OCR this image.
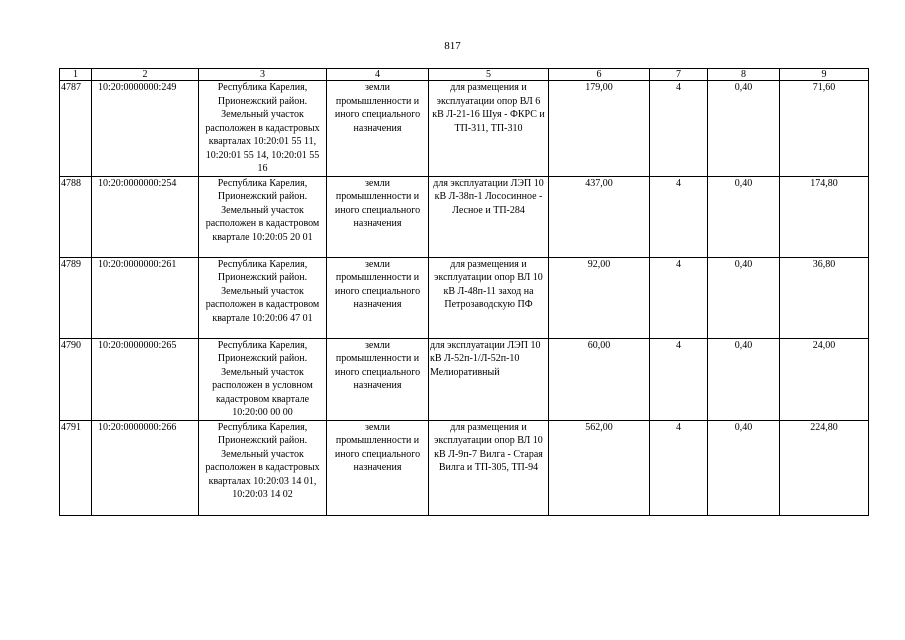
817
1	2	3	4	5	6	7	8	9
4787	10:20:0000000:249	Республика Карелия, Прионежский район. Земельный участок расположен в кадастровых кварталах 10:20:01 55 11, 10:20:01 55 14, 10:20:01 55 16	земли промышленности и иного специального назначения	для размещения и эксплуатации опор ВЛ 6 кВ Л-21-16 Шуя - ФКРС и ТП-311, ТП-310	179,00	4	0,40	71,60
4788	10:20:0000000:254	Республика Карелия, Прионежский район. Земельный участок расположен в кадастровом квартале 10:20:05 20 01	земли промышленности и иного специального назначения	для эксплуатации ЛЭП 10 кВ Л-38п-1 Лососинное - Лесное и ТП-284	437,00	4	0,40	174,80
4789	10:20:0000000:261	Республика Карелия, Прионежский район. Земельный участок расположен в кадастровом квартале 10:20:06 47 01	земли промышленности и иного специального назначения	для размещения и эксплуатации опор ВЛ 10 кВ Л-48п-11 заход на Петрозаводскую ПФ	92,00	4	0,40	36,80
4790	10:20:0000000:265	Республика Карелия, Прионежский район. Земельный участок расположен в условном кадастровом квартале 10:20:00 00 00	земли промышленности и иного специального назначения	для эксплуатации ЛЭП 10 кВ Л-52п-1/Л-52п-10 Мелиоративный	60,00	4	0,40	24,00
4791	10:20:0000000:266	Республика Карелия, Прионежский район. Земельный участок расположен в кадастровых кварталах 10:20:03 14 01, 10:20:03 14 02	земли промышленности и иного специального назначения	для размещения и эксплуатации опор ВЛ 10 кВ Л-9п-7 Вилга - Старая Вилга и ТП-305, ТП-94	562,00	4	0,40	224,80
